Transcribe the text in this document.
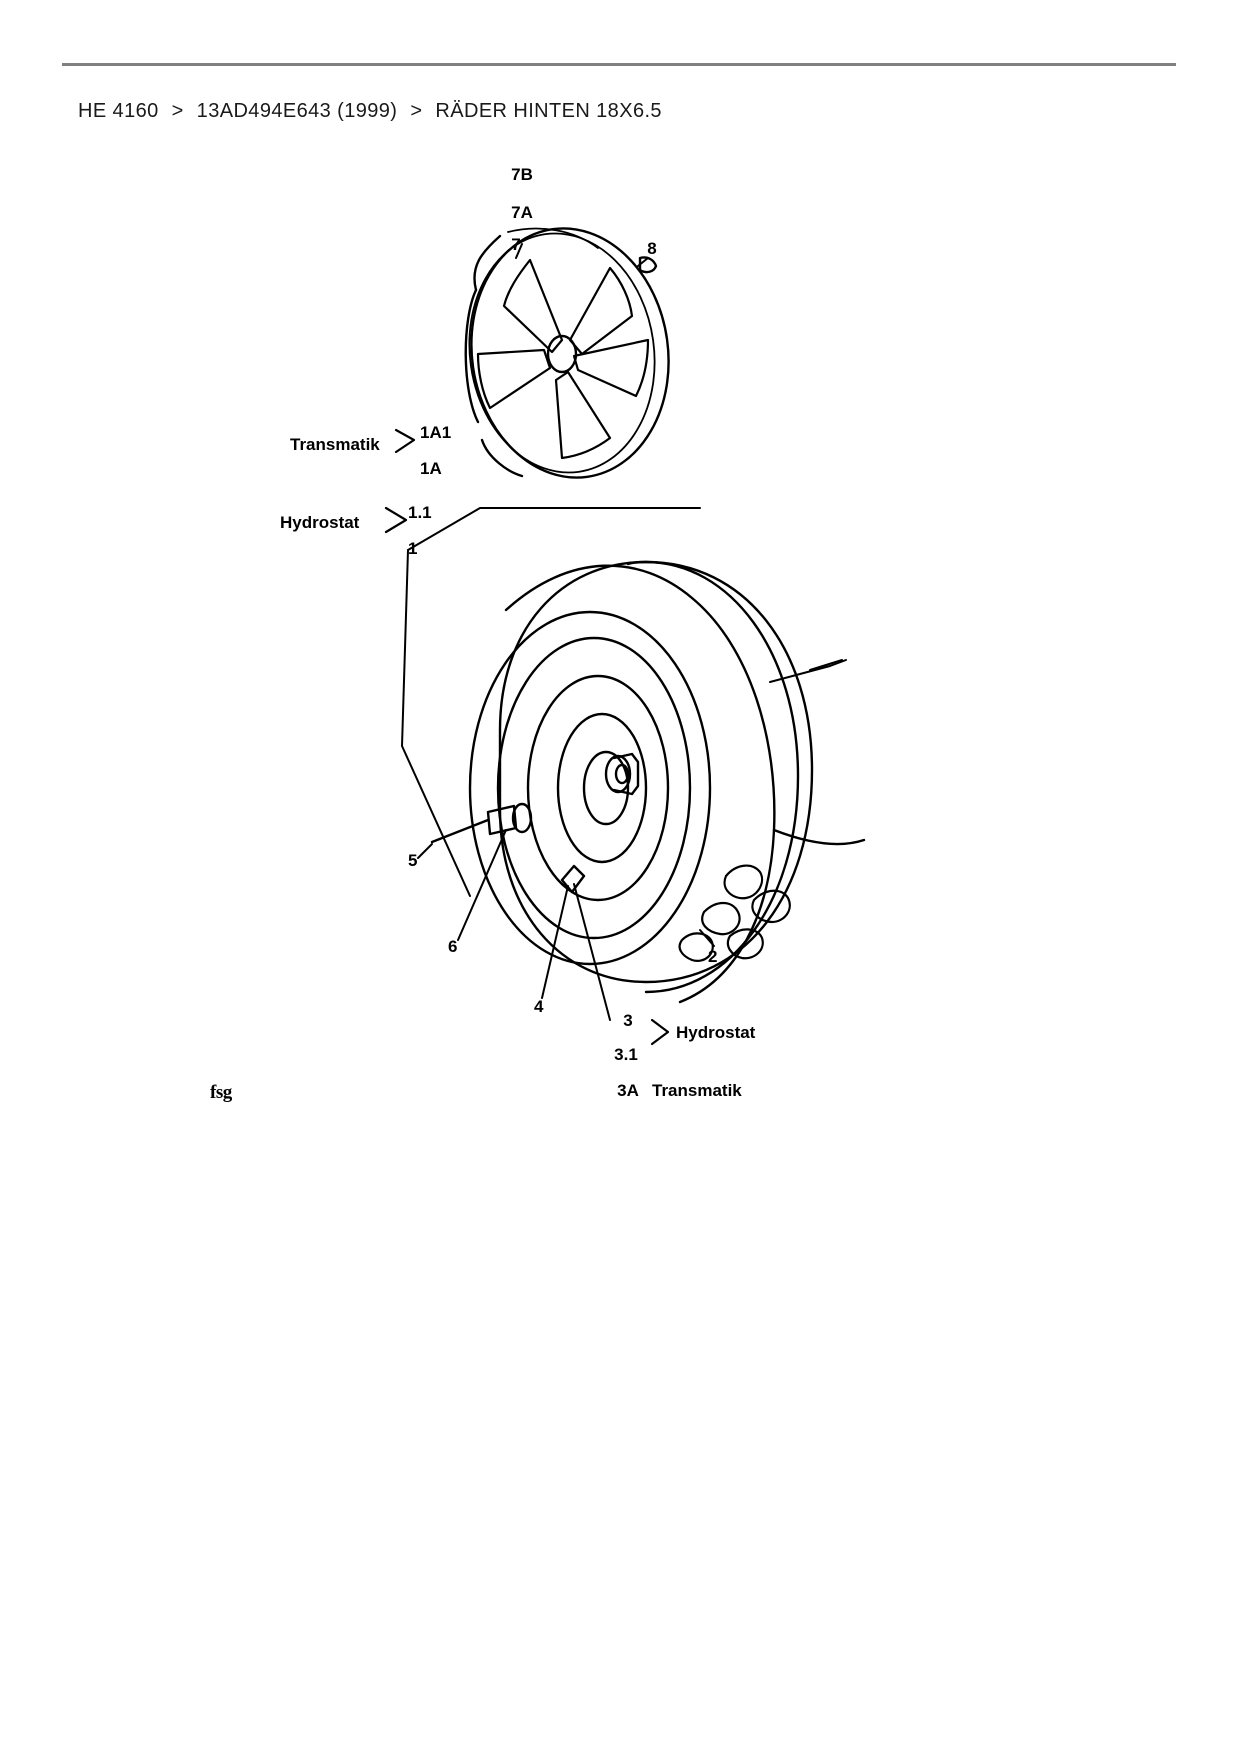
HE 4160 > 13AD494E643 (1999) > RÄDER HINTEN 18X6.5
7B
7A
7	8
1A1
1A
1.1
1
5
6
4
2
3
3.1
3A
Transmatik
Hydrostat
Hydrostat
Transmatik
fsg
